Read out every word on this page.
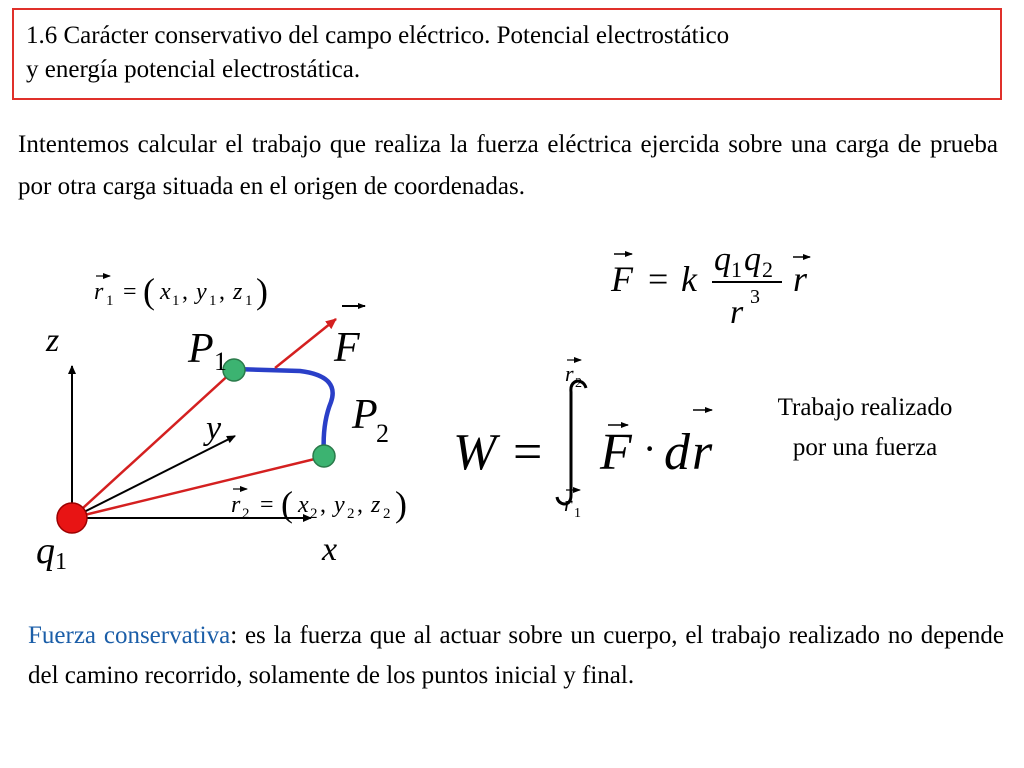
1.6 Carácter conservativo del campo eléctrico. Potencial electrostático
y energía potencial electrostática.
Intentemos calcular el trabajo que realiza la fuerza eléctrica ejercida sobre una carga de prueba por otra carga situada en el origen de coordenadas.
r 1 = ( x 1 , y 1 , z 1 )
z
y
x
P 1
P
2
F
q 1
r 2 = ( x 2 , y 2 , z 2 )
F = k q 1 q 2
r 3 r
W =
r 2
r 1
F · d r
Trabajo realizado
por una fuerza
Fuerza conservativa: es la fuerza que al actuar sobre un cuerpo, el trabajo realizado no depende del camino recorrido, solamente de los puntos inicial y final.
